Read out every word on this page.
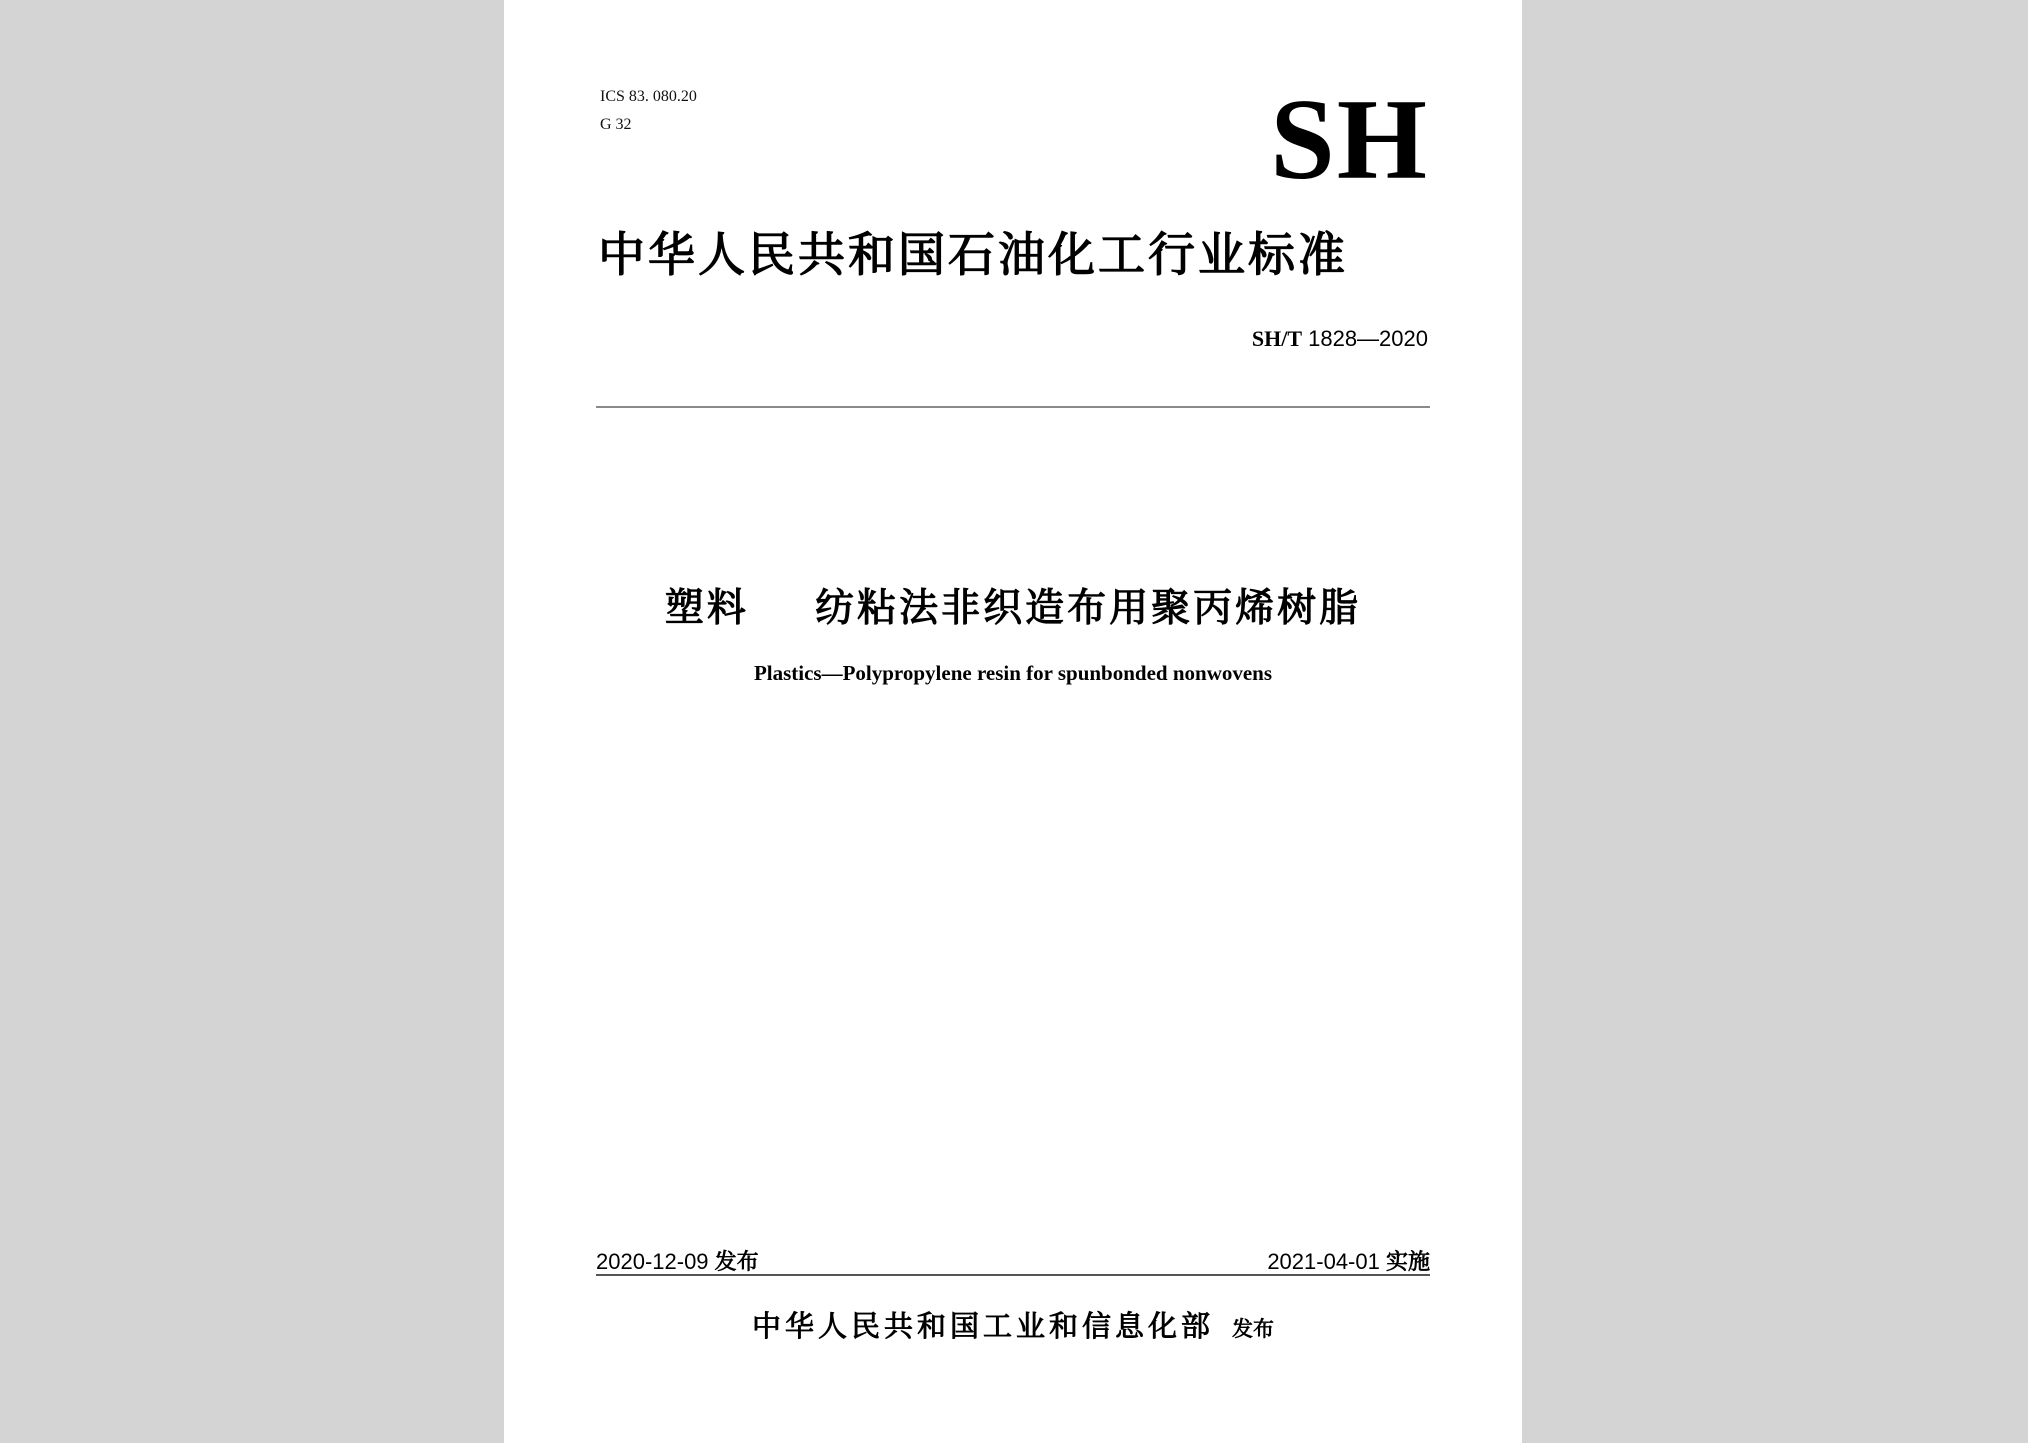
ICS 83. 080.20
G 32	SH
中华人民共和国石油化工行业标准
SH/T 1828—2020
塑料    纺粘法非织造布用聚丙烯树脂
Plastics—Polypropylene resin for spunbonded nonwovens
2020-12-09 发布	2021-04-01 实施
中华人民共和国工业和信息化部 发布
